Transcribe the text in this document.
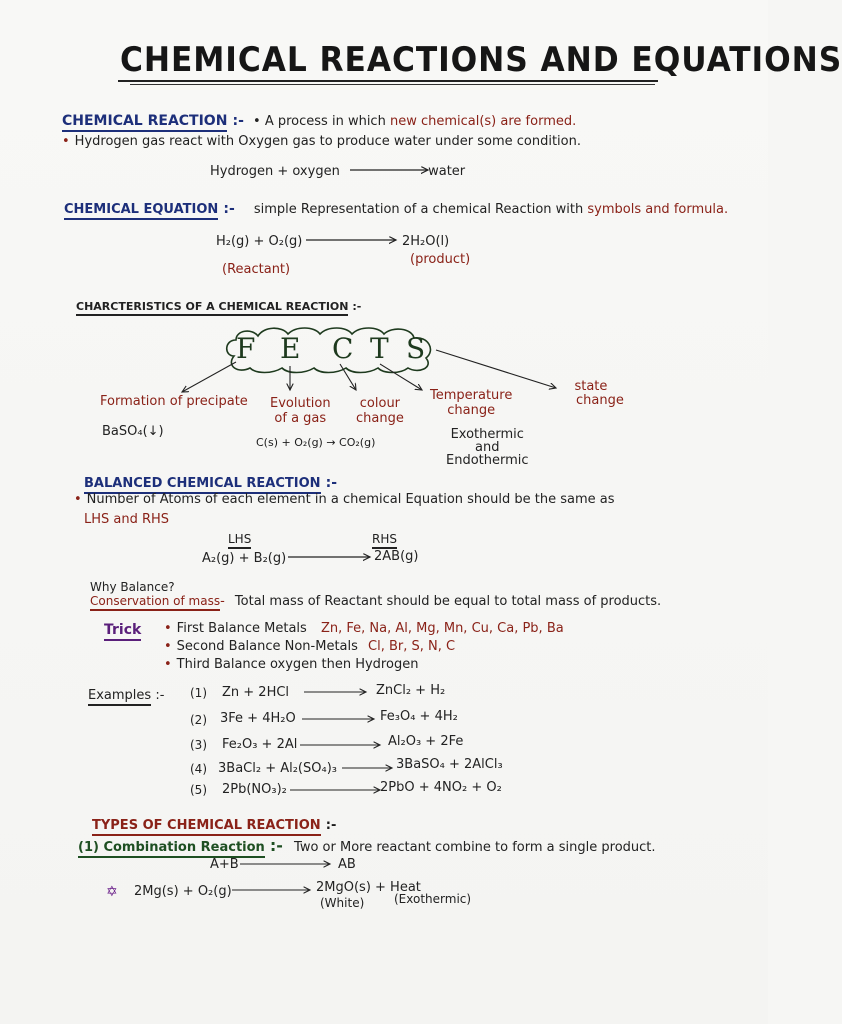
CHEMICAL REACTIONS AND EQUATIONS
CHEMICAL REACTION :- • A process in which new chemical(s) are formed.
• Hydrogen gas react with Oxygen gas to produce water under some condition.
Hydrogen + oxygen	water
CHEMICAL EQUATION :- simple Representation of a chemical Reaction with symbols and formula.
H₂(g) + O₂(g)	2H₂O(l)
(Reactant)
(product)
CHARCTERISTICS OF A CHEMICAL REACTION :-
F E C T S
Formation of precipate
BaSO₄(↓)
Evolution
of a gas
C(s) + O₂(g) → CO₂(g)
colour
change
Temperature
change
Exothermic
and
Endothermic
state
change
BALANCED CHEMICAL REACTION :-
• Number of Atoms of each element in a chemical Equation should be the same as
LHS and RHS
LHS	RHS
A₂(g) + B₂(g)	2AB(g)
Why Balance?
Conservation of mass- Total mass of Reactant should be equal to total mass of products.
Trick
•	First Balance Metals Zn, Fe, Na, Al, Mg, Mn, Cu, Ca, Pb, Ba
• Second Balance Non-Metals Cl, Br, S, N, C
• Third Balance oxygen then Hydrogen
Examples :- (1) Zn + 2HCl	ZnCl₂ + H₂
(2) 3Fe + 4H₂O	Fe₃O₄ + 4H₂
(3) Fe₂O₃ + 2Al	Al₂O₃ + 2Fe
(4) 3BaCl₂ + Al₂(SO₄)₃	3BaSO₄ + 2AlCl₃
(5) 2Pb(NO₃)₂	2PbO + 4NO₂ + O₂
TYPES OF CHEMICAL REACTION :-
(1) Combination Reaction :- Two or More reactant combine to form a single product.
A+B	AB
✡ 2Mg(s) + O₂(g)	2MgO(s) + Heat
(White) (Exothermic)
